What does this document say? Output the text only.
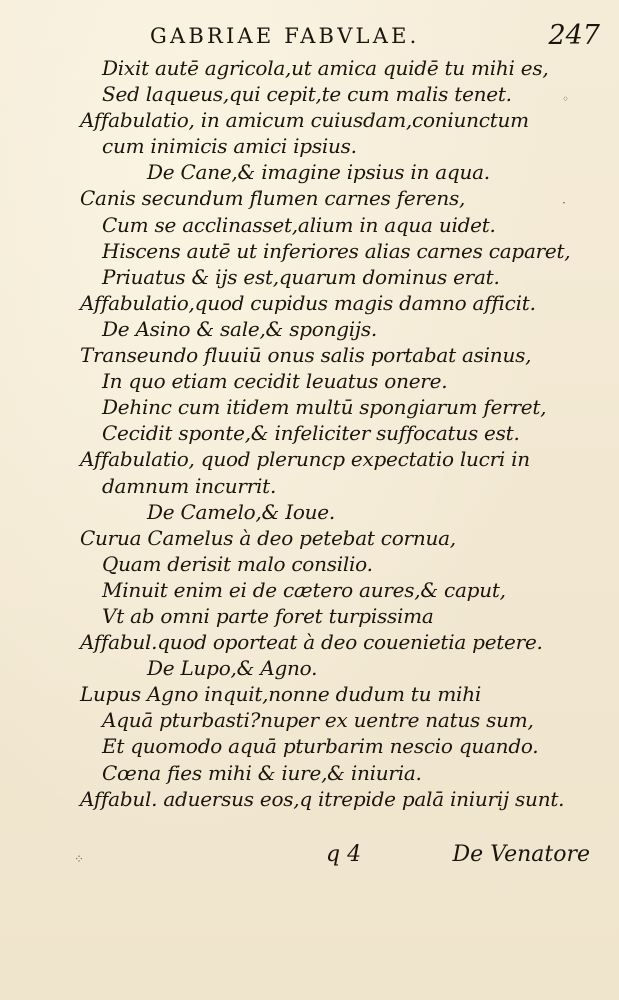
GABRIAE FABVLAE.	247
Dixit autē agricola,ut amica quidē tu mihi es,
Sed laqueus,qui cepit,te cum malis tenet.
Affabulatio, in amicum cuiusdam,coniunctum
cum inimicis amici ipsius.
De Cane,& imagine ipsius in aqua.
Canis secundum flumen carnes ferens,
Cum se acclinasset,alium in aqua uidet.
Hiscens autē ut inferiores alias carnes caparet,
Priuatus & ijs est,quarum dominus erat.
Affabulatio,quod cupidus magis damno afficit.
De Asino & sale,& spongijs.
Transeundo fluuiū onus salis portabat asinus,
In quo etiam cecidit leuatus onere.
Dehinc cum itidem multū spongiarum ferret,
Cecidit sponte,& infeliciter suffocatus est.
Affabulatio, quod pleruncp expectatio lucri in
damnum incurrit.
De Camelo,& Ioue.
Curua Camelus à deo petebat cornua,
Quam derisit malo consilio.
Minuit enim ei de cætero aures,& caput,
Vt ab omni parte foret turpissima
Affabul.quod oporteat à deo couenietia petere.
De Lupo,& Agno.
Lupus Agno inquit,nonne dudum tu mihi
Aquā pturbasti?nuper ex uentre natus sum,
Et quomodo aquā pturbarim nescio quando.
Cœna fies mihi & iure,& iniuria.
Affabul. aduersus eos,q itrepide palā iniurij sunt.
q 4	De Venatore
◦
·
⁘
